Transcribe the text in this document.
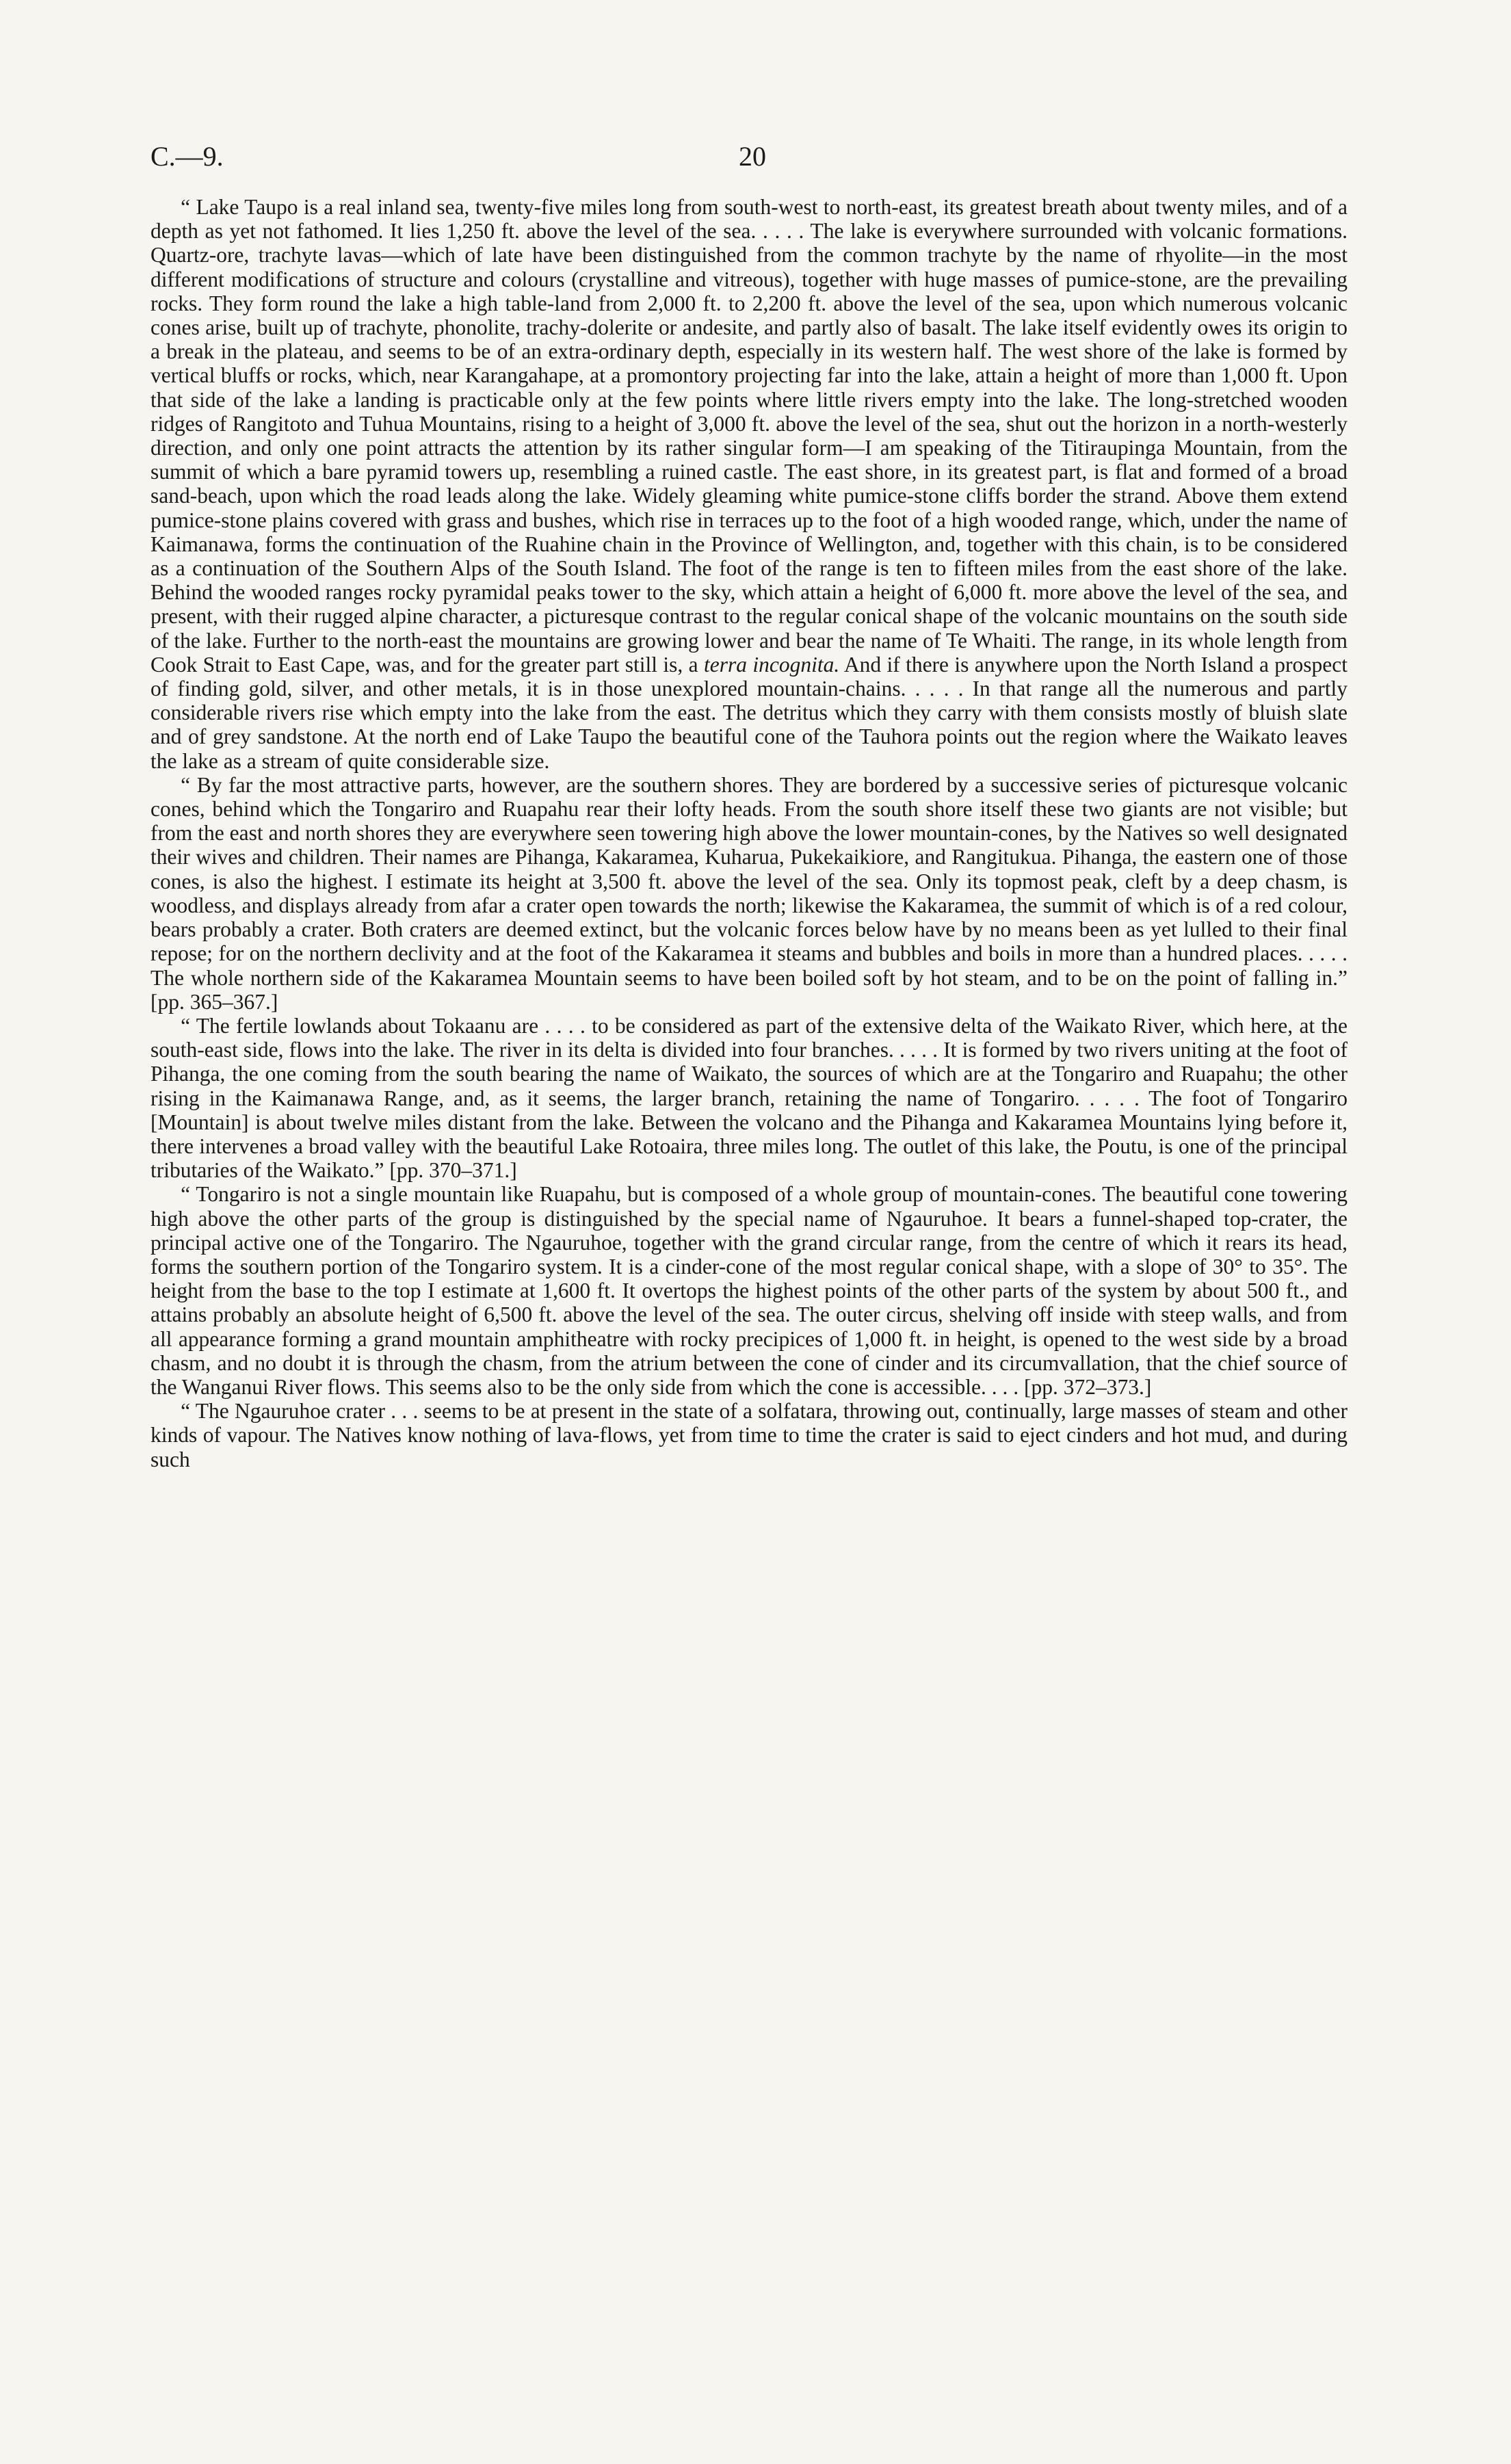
C.—9.	20

“ Lake Taupo is a real inland sea, twenty-five miles long from south-west to north-east, its greatest breath about twenty miles, and of a depth as yet not fathomed. It lies 1,250 ft. above the level of the sea. . . . . The lake is everywhere surrounded with volcanic formations. Quartz-ore, trachyte lavas—which of late have been distinguished from the common trachyte by the name of rhyolite—in the most different modifications of structure and colours (crystalline and vitreous), together with huge masses of pumice-stone, are the prevailing rocks. They form round the lake a high table-land from 2,000 ft. to 2,200 ft. above the level of the sea, upon which numerous volcanic cones arise, built up of trachyte, phonolite, trachy-dolerite or andesite, and partly also of basalt. The lake itself evidently owes its origin to a break in the plateau, and seems to be of an extra-ordinary depth, especially in its western half. The west shore of the lake is formed by vertical bluffs or rocks, which, near Karangahape, at a promontory projecting far into the lake, attain a height of more than 1,000 ft. Upon that side of the lake a landing is practicable only at the few points where little rivers empty into the lake. The long-stretched wooden ridges of Rangitoto and Tuhua Mountains, rising to a height of 3,000 ft. above the level of the sea, shut out the horizon in a north-westerly direction, and only one point attracts the attention by its rather singular form—I am speaking of the Titiraupinga Mountain, from the summit of which a bare pyramid towers up, resembling a ruined castle. The east shore, in its greatest part, is flat and formed of a broad sand-beach, upon which the road leads along the lake. Widely gleaming white pumice-stone cliffs border the strand. Above them extend pumice-stone plains covered with grass and bushes, which rise in terraces up to the foot of a high wooded range, which, under the name of Kaimanawa, forms the continuation of the Ruahine chain in the Province of Wellington, and, together with this chain, is to be considered as a continuation of the Southern Alps of the South Island. The foot of the range is ten to fifteen miles from the east shore of the lake. Behind the wooded ranges rocky pyramidal peaks tower to the sky, which attain a height of 6,000 ft. more above the level of the sea, and present, with their rugged alpine character, a picturesque contrast to the regular conical shape of the volcanic mountains on the south side of the lake. Further to the north-east the mountains are growing lower and bear the name of Te Whaiti. The range, in its whole length from Cook Strait to East Cape, was, and for the greater part still is, a terra incognita. And if there is anywhere upon the North Island a prospect of finding gold, silver, and other metals, it is in those unexplored mountain-chains. . . . . In that range all the numerous and partly considerable rivers rise which empty into the lake from the east. The detritus which they carry with them consists mostly of bluish slate and of grey sandstone. At the north end of Lake Taupo the beautiful cone of the Tauhora points out the region where the Waikato leaves the lake as a stream of quite considerable size.

“ By far the most attractive parts, however, are the southern shores. They are bordered by a successive series of picturesque volcanic cones, behind which the Tongariro and Ruapahu rear their lofty heads. From the south shore itself these two giants are not visible; but from the east and north shores they are everywhere seen towering high above the lower mountain-cones, by the Natives so well designated their wives and children. Their names are Pihanga, Kakaramea, Kuharua, Pukekaikiore, and Rangitukua. Pihanga, the eastern one of those cones, is also the highest. I estimate its height at 3,500 ft. above the level of the sea. Only its topmost peak, cleft by a deep chasm, is woodless, and displays already from afar a crater open towards the north; likewise the Kakaramea, the summit of which is of a red colour, bears probably a crater. Both craters are deemed extinct, but the volcanic forces below have by no means been as yet lulled to their final repose; for on the northern declivity and at the foot of the Kakaramea it steams and bubbles and boils in more than a hundred places. . . . . The whole northern side of the Kakaramea Mountain seems to have been boiled soft by hot steam, and to be on the point of falling in.” [pp. 365–367.]

“ The fertile lowlands about Tokaanu are . . . . to be considered as part of the extensive delta of the Waikato River, which here, at the south-east side, flows into the lake. The river in its delta is divided into four branches. . . . . It is formed by two rivers uniting at the foot of Pihanga, the one coming from the south bearing the name of Waikato, the sources of which are at the Tongariro and Ruapahu; the other rising in the Kaimanawa Range, and, as it seems, the larger branch, retaining the name of Tongariro. . . . . The foot of Tongariro [Mountain] is about twelve miles distant from the lake. Between the volcano and the Pihanga and Kakaramea Mountains lying before it, there intervenes a broad valley with the beautiful Lake Rotoaira, three miles long. The outlet of this lake, the Poutu, is one of the principal tributaries of the Waikato.” [pp. 370–371.]

“ Tongariro is not a single mountain like Ruapahu, but is composed of a whole group of mountain-cones. The beautiful cone towering high above the other parts of the group is distinguished by the special name of Ngauruhoe. It bears a funnel-shaped top-crater, the principal active one of the Tongariro. The Ngauruhoe, together with the grand circular range, from the centre of which it rears its head, forms the southern portion of the Tongariro system. It is a cinder-cone of the most regular conical shape, with a slope of 30° to 35°. The height from the base to the top I estimate at 1,600 ft. It overtops the highest points of the other parts of the system by about 500 ft., and attains probably an absolute height of 6,500 ft. above the level of the sea. The outer circus, shelving off inside with steep walls, and from all appearance forming a grand mountain amphitheatre with rocky precipices of 1,000 ft. in height, is opened to the west side by a broad chasm, and no doubt it is through the chasm, from the atrium between the cone of cinder and its circumvallation, that the chief source of the Wanganui River flows. This seems also to be the only side from which the cone is accessible. . . . [pp. 372–373.]

“ The Ngauruhoe crater . . . seems to be at present in the state of a solfatara, throwing out, continually, large masses of steam and other kinds of vapour. The Natives know nothing of lava-flows, yet from time to time the crater is said to eject cinders and hot mud, and during such
